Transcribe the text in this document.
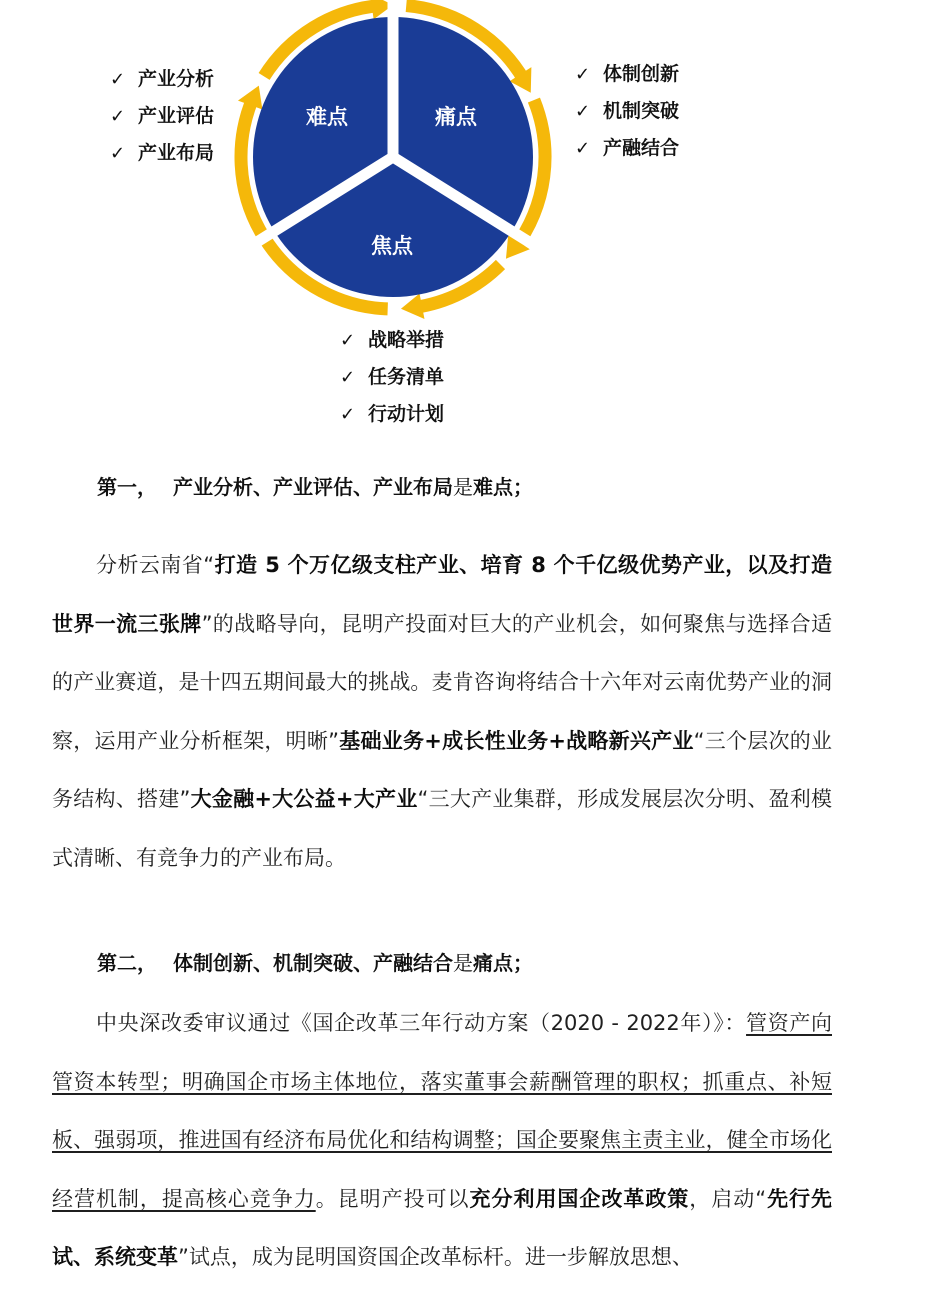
难点	痛点
焦点
✓ 产业分析
✓ 产业评估
✓ 产业布局
✓ 体制创新
✓ 机制突破
✓ 产融结合
✓ 战略举措
✓ 任务清单
✓ 行动计划

第一， 产业分析、产业评估、产业布局是难点；

分析云南省“打造 5 个万亿级支柱产业、培育 8 个千亿级优势产业，以及打造世界一流三张牌”的战略导向，昆明产投面对巨大的产业机会，如何聚焦与选择合适的产业赛道，是十四五期间最大的挑战。麦肯咨询将结合十六年对云南优势产业的洞察，运用产业分析框架，明晰”基础业务+成长性业务+战略新兴产业“三个层次的业务结构、搭建”大金融+大公益+大产业“三大产业集群，形成发展层次分明、盈利模式清晰、有竞争力的产业布局。

第二， 体制创新、机制突破、产融结合是痛点；

中央深改委审议通过《国企改革三年行动方案（2020 - 2022年）》：管资产向管资本转型；明确国企市场主体地位，落实董事会薪酬管理的职权；抓重点、补短板、强弱项，推进国有经济布局优化和结构调整；国企要聚焦主责主业，健全市场化经营机制，提高核心竞争力。昆明产投可以充分利用国企改革政策，启动“先行先试、系统变革”试点，成为昆明国资国企改革标杆。进一步解放思想、
